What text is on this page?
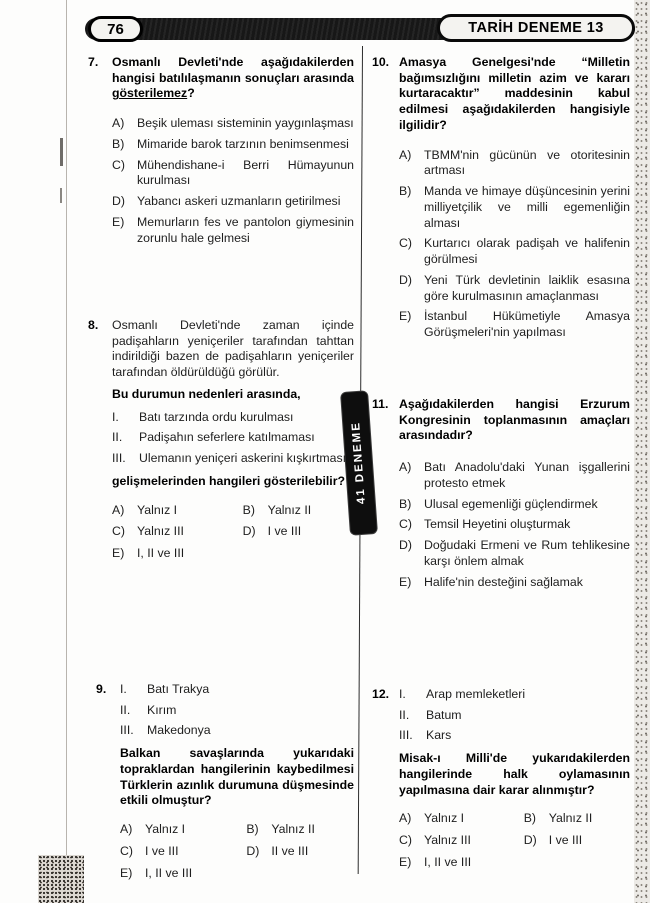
76	TARİH DENEME 13
41 DENEME
7.	Osmanlı Devleti'nde aşağıdakilerden hangisi batılılaşmanın sonuçları arasında gösterilemez?

A)	Beşik uleması sisteminin yaygınlaşması
B)	Mimaride barok tarzının benimsenmesi
C) Mühendishane-i Berri Hümayunun kurulması
D) Yabancı askeri uzmanların getirilmesi
E)	Memurların fes ve pantolon giymesinin zorunlu hale gelmesi
8.	Osmanlı Devleti'nde zaman içinde padişahların yeniçeriler tarafından tahttan indirildiği bazen de padişahların yeniçeriler tarafından öldürüldüğü görülür.

Bu durumun nedenleri arasında,

I.	Batı tarzında ordu kurulması
II.	Padişahın seferlere katılmaması
III.	Ulemanın yeniçeri askerini kışkırtması

gelişmelerinden hangileri gösterilebilir?

A)	Yalnız I	B)	Yalnız II
C) Yalnız III	D) I ve III
E)	I, II ve III
9.	I.	Batı Trakya
II.	Kırım
III.	Makedonya

Balkan savaşlarında yukarıdaki topraklardan hangilerinin kaybedilmesi Türklerin azınlık durumuna düşmesinde etkili olmuştur?

A)	Yalnız I	B)	Yalnız II
C) I ve III	D) II ve III
E)	I, II ve III
10. Amasya Genelgesi'nde “Milletin bağımsızlığını milletin azim ve kararı kurtaracaktır” maddesinin kabul edilmesi aşağıdakilerden hangisiyle ilgilidir?

A)	TBMM'nin gücünün ve otoritesinin artması
B)	Manda ve himaye düşüncesinin yerini milliyetçilik ve milli egemenliğin alması
C) Kurtarıcı olarak padişah ve halifenin görülmesi
D) Yeni Türk devletinin laiklik esasına göre kurulmasının amaçlanması
E)	İstanbul Hükümetiyle Amasya Görüşmeleri'nin yapılması
11. Aşağıdakilerden hangisi Erzurum Kongresinin toplanmasının amaçları arasındadır?

A)	Batı Anadolu'daki Yunan işgallerini protesto etmek
B)	Ulusal egemenliği güçlendirmek
C) Temsil Heyetini oluşturmak
D) Doğudaki Ermeni ve Rum tehlikesine karşı önlem almak
E)	Halife'nin desteğini sağlamak
12. I.	Arap memleketleri
II.	Batum
III.	Kars

Misak-ı Milli'de yukarıdakilerden hangilerinde halk oylamasının yapılmasına dair karar alınmıştır?

A)	Yalnız I	B)	Yalnız II
C) Yalnız III	D) I ve III
E)	I, II ve III
